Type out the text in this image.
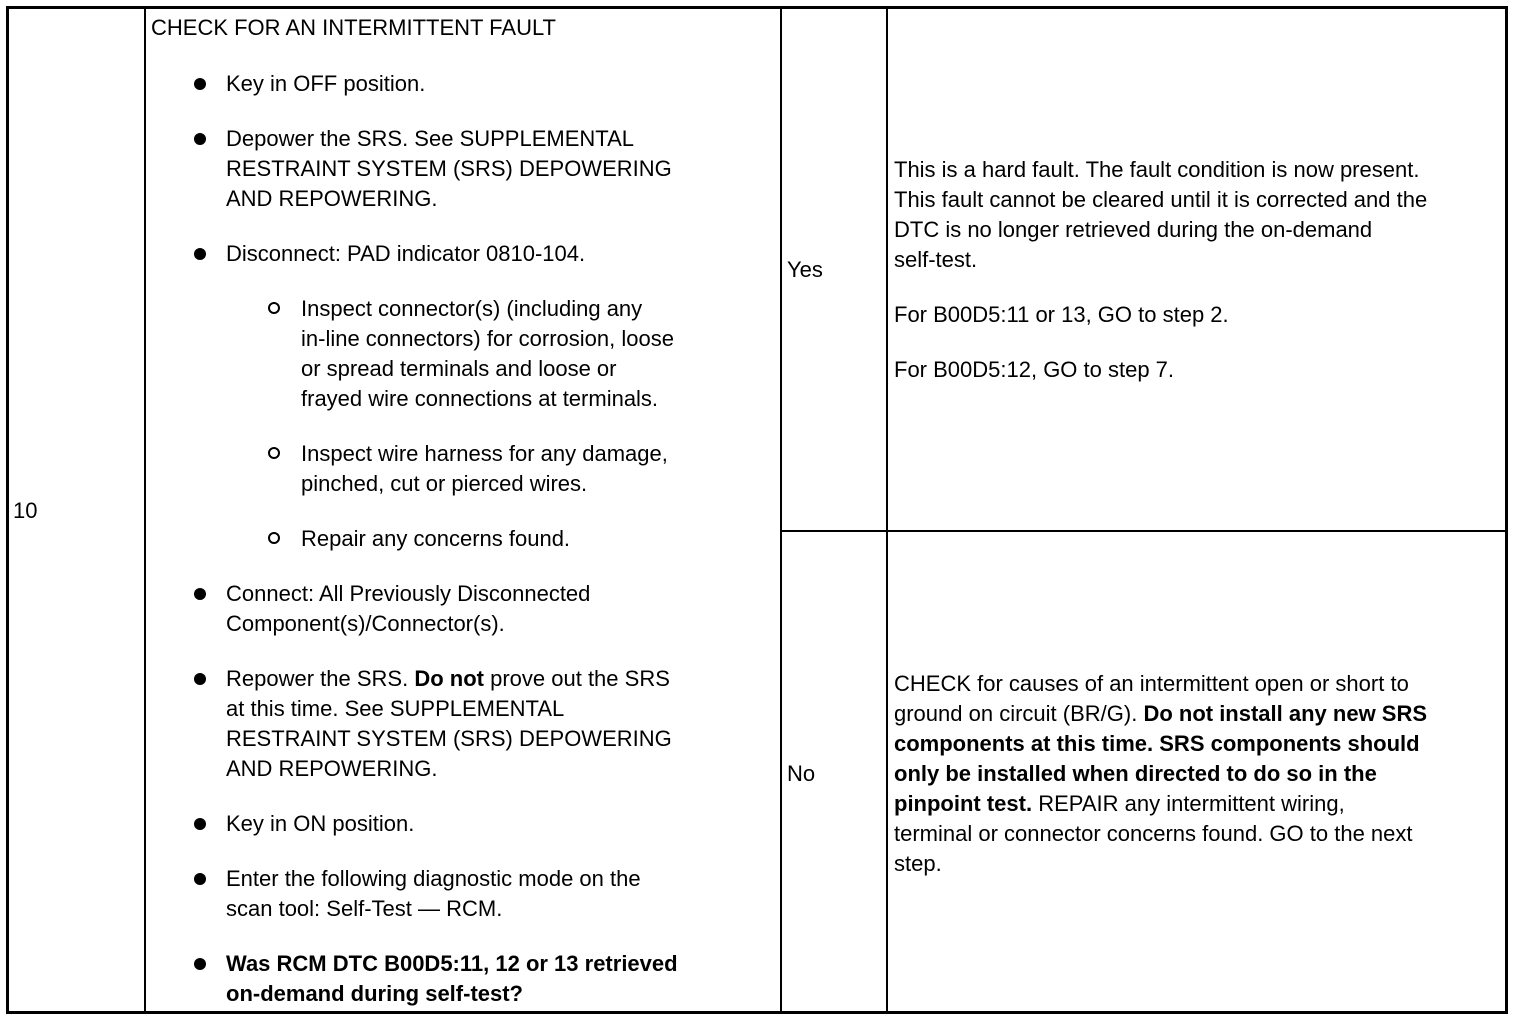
10
CHECK FOR AN INTERMITTENT FAULT
Key in OFF position.

Depower the SRS. See SUPPLEMENTAL

RESTRAINT SYSTEM (SRS) DEPOWERING

AND REPOWERING.

Disconnect: PAD indicator 0810-104.

Inspect connector(s) (including any

in-line connectors) for corrosion, loose

or spread terminals and loose or

frayed wire connections at terminals.

Inspect wire harness for any damage,

pinched, cut or pierced wires.

Repair any concerns found.

Connect: All Previously Disconnected

Component(s)/Connector(s).

Repower the SRS. Do not prove out the SRS

at this time. See SUPPLEMENTAL

RESTRAINT SYSTEM (SRS) DEPOWERING

AND REPOWERING.

Key in ON position.

Enter the following diagnostic mode on the

scan tool: Self-Test — RCM.

Was RCM DTC B00D5:11, 12 or 13 retrieved

on-demand during self-test?

Yes

This is a hard fault. The fault condition is now present.

This fault cannot be cleared until it is corrected and the

DTC is no longer retrieved during the on-demand

self-test.

For B00D5:11 or 13, GO to step 2.
For B00D5:12, GO to step 7.
No

CHECK for causes of an intermittent open or short to

ground on circuit (BR/G). Do not install any new SRS

components at this time. SRS components should

only be installed when directed to do so in the

pinpoint test. REPAIR any intermittent wiring,

terminal or connector concerns found. GO to the next

step.
